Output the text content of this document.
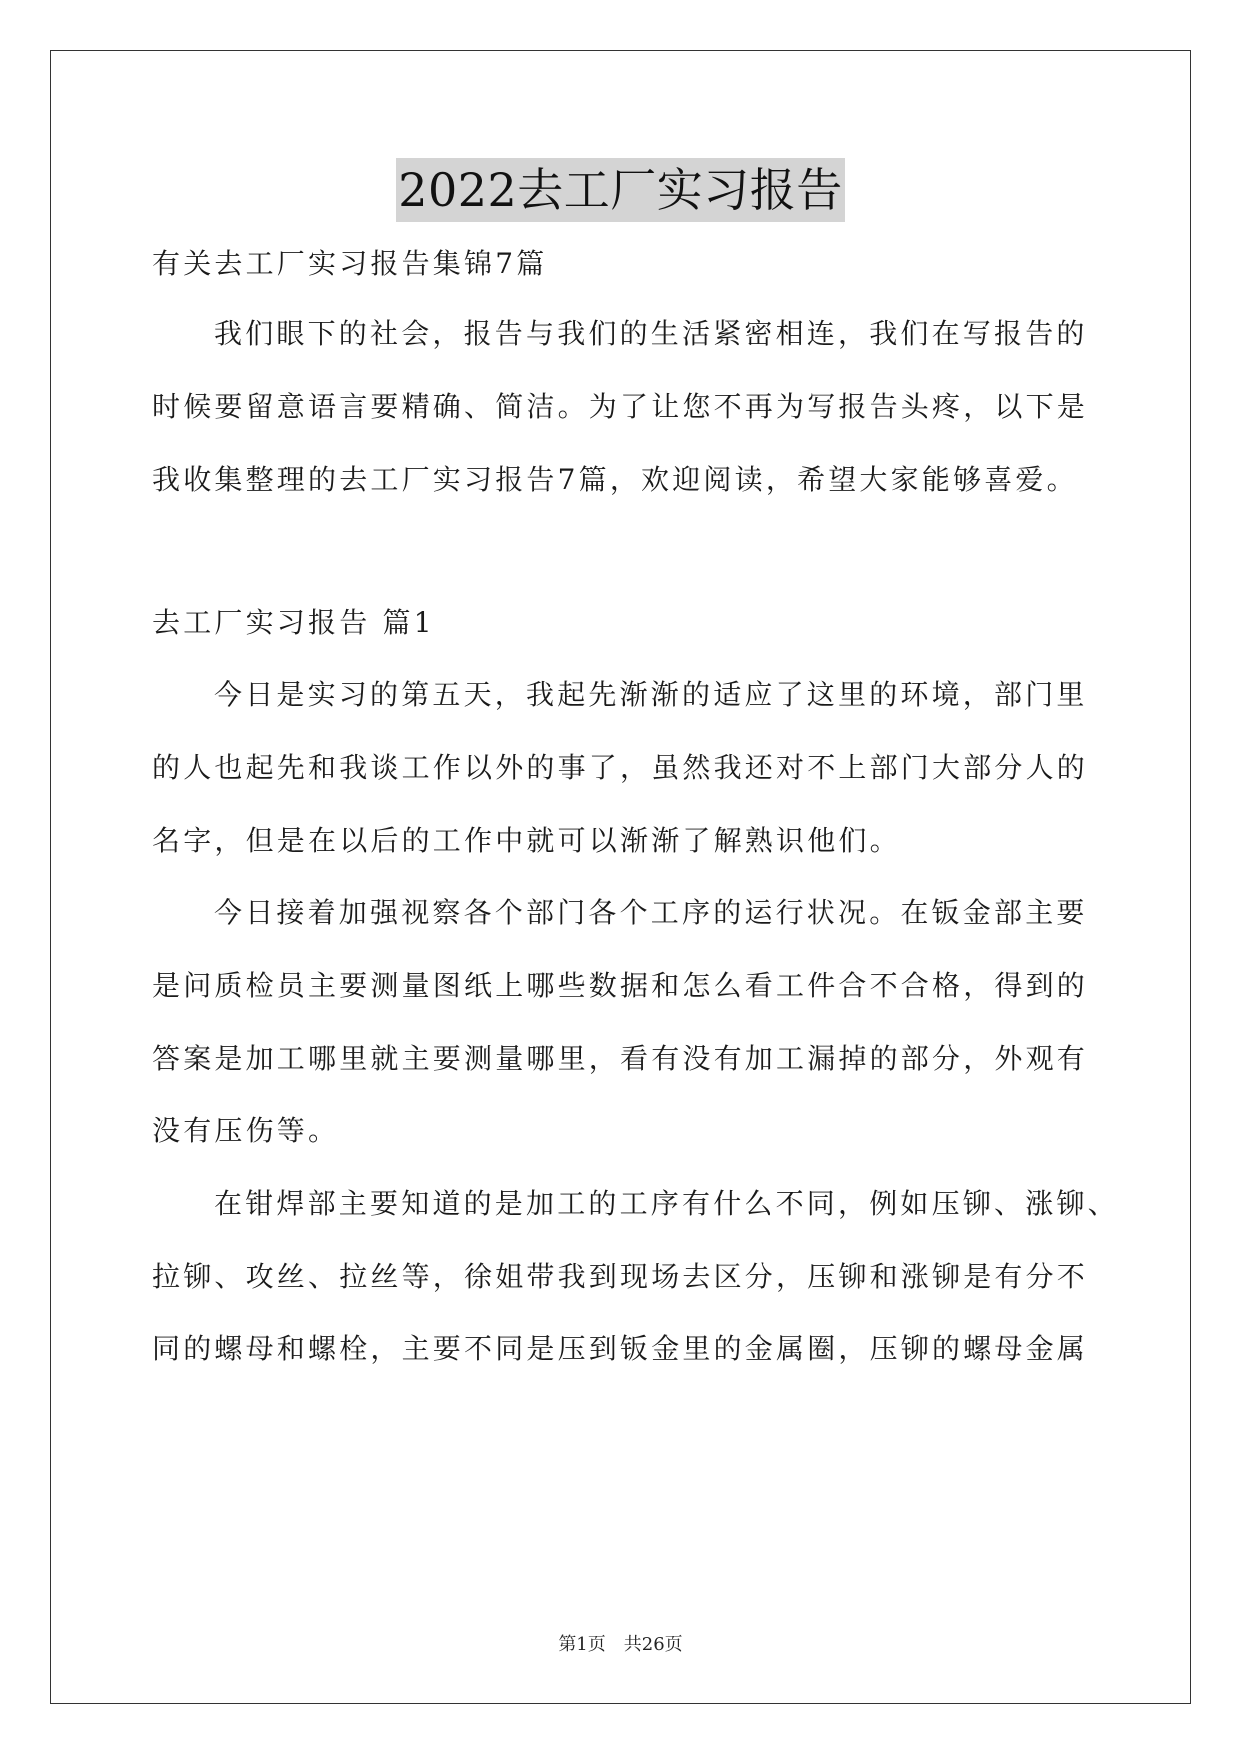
2022去工厂实习报告
有关去工厂实习报告集锦7篇
我们眼下的社会，报告与我们的生活紧密相连，我们在写报告的
时候要留意语言要精确、简洁。为了让您不再为写报告头疼，以下是
我收集整理的去工厂实习报告7篇，欢迎阅读，希望大家能够喜爱。
去工厂实习报告 篇1
今日是实习的第五天，我起先渐渐的适应了这里的环境，部门里
的人也起先和我谈工作以外的事了，虽然我还对不上部门大部分人的
名字，但是在以后的工作中就可以渐渐了解熟识他们。
今日接着加强视察各个部门各个工序的运行状况。在钣金部主要
是问质检员主要测量图纸上哪些数据和怎么看工件合不合格，得到的
答案是加工哪里就主要测量哪里，看有没有加工漏掉的部分，外观有
没有压伤等。
在钳焊部主要知道的是加工的工序有什么不同，例如压铆、涨铆、
拉铆、攻丝、拉丝等，徐姐带我到现场去区分，压铆和涨铆是有分不
同的螺母和螺栓，主要不同是压到钣金里的金属圈，压铆的螺母金属
第1页　共26页
